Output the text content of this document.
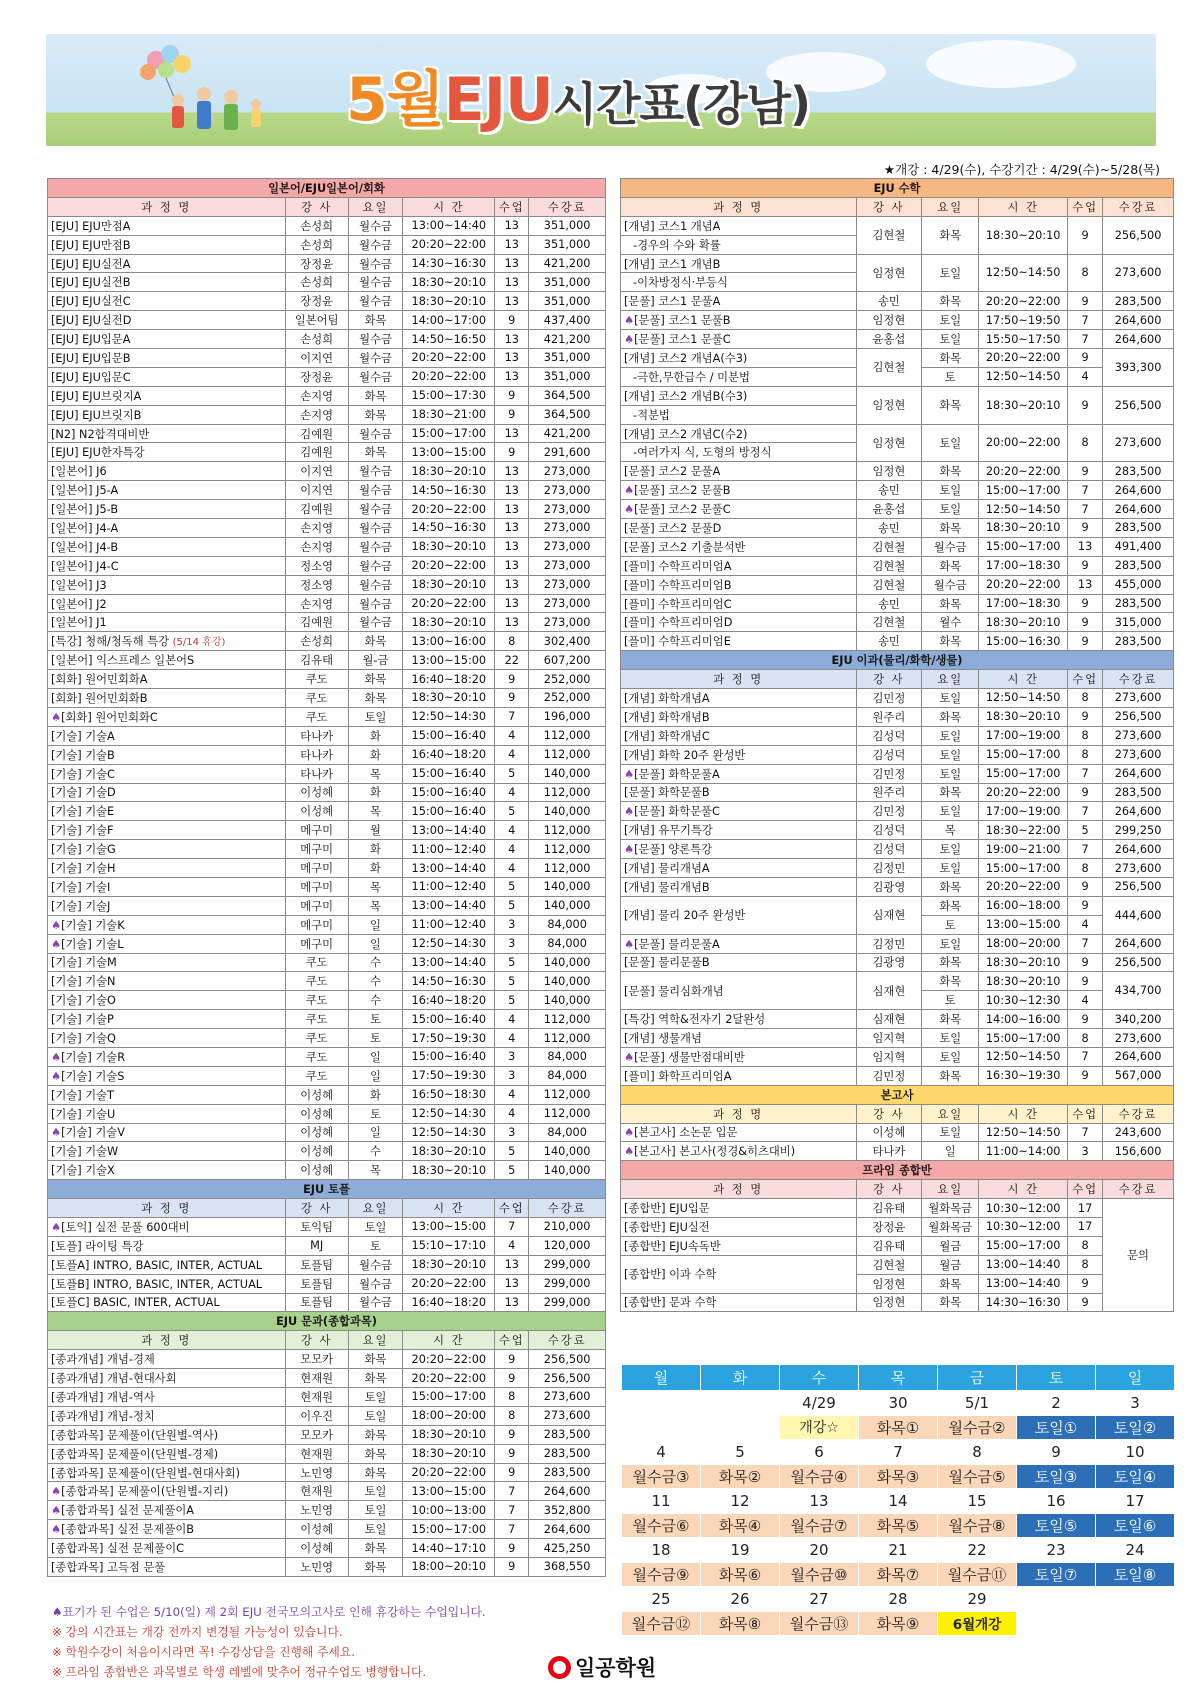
5월EJU시간표(강남)
★개강 : 4/29(수), 수강기간 : 4/29(수)~5/28(목)
일본어/EJU일본어/회화					
과 정 명	강 사	요일	시 간	수업	수강료
[EJU] EJU만점A	손성희	월수금	13:00~14:40	13	351,000
[EJU] EJU만점B	손성희	월수금	20:20~22:00	13	351,000
[EJU] EJU실전A	장정윤	월수금	14:30~16:30	13	421,200
[EJU] EJU실전B	손성희	월수금	18:30~20:10	13	351,000
[EJU] EJU실전C	장정윤	월수금	18:30~20:10	13	351,000
[EJU] EJU실전D	일본어팀	화목	14:00~17:00	9	437,400
[EJU] EJU입문A	손성희	월수금	14:50~16:50	13	421,200
[EJU] EJU입문B	이지연	월수금	20:20~22:00	13	351,000
[EJU] EJU입문C	장정윤	월수금	20:20~22:00	13	351,000
[EJU] EJU브릿지A	손지영	화목	15:00~17:30	9	364,500
[EJU] EJU브릿지B	손지영	화목	18:30~21:00	9	364,500
[N2] N2합격대비반	김예원	월수금	15:00~17:00	13	421,200
[EJU] EJU한자특강	김예원	화목	13:00~15:00	9	291,600
[일본어] J6	이지연	월수금	18:30~20:10	13	273,000
[일본어] J5-A	이지연	월수금	14:50~16:30	13	273,000
[일본어] J5-B	김예원	월수금	20:20~22:00	13	273,000
[일본어] J4-A	손지영	월수금	14:50~16:30	13	273,000
[일본어] J4-B	손지영	월수금	18:30~20:10	13	273,000
[일본어] J4-C	정소영	월수금	20:20~22:00	13	273,000
[일본어] J3	정소영	월수금	18:30~20:10	13	273,000
[일본어] J2	손지영	월수금	20:20~22:00	13	273,000
[일본어] J1	김예원	월수금	18:30~20:10	13	273,000
[특강] 청해/청독해 특강 (5/14 휴강)	손성희	화목	13:00~16:00	8	302,400
[일본어] 익스프레스 일본어S	김유태	월-금	13:00~15:00	22	607,200
[회화] 원어민회화A	쿠도	화목	16:40~18:20	9	252,000
[회화] 원어민회화B	쿠도	화목	18:30~20:10	9	252,000
♠[회화] 원어민회화C	쿠도	토일	12:50~14:30	7	196,000
[기술] 기술A	타나카	화	15:00~16:40	4	112,000
[기술] 기술B	타나카	화	16:40~18:20	4	112,000
[기술] 기술C	타나카	목	15:00~16:40	5	140,000
[기술] 기술D	이성혜	화	15:00~16:40	4	112,000
[기술] 기술E	이성혜	목	15:00~16:40	5	140,000
[기술] 기술F	메구미	월	13:00~14:40	4	112,000
[기술] 기술G	메구미	화	11:00~12:40	4	112,000
[기술] 기술H	메구미	화	13:00~14:40	4	112,000
[기술] 기술I	메구미	목	11:00~12:40	5	140,000
[기술] 기술J	메구미	목	13:00~14:40	5	140,000
♠[기술] 기술K	메구미	일	11:00~12:40	3	84,000
♠[기술] 기술L	메구미	일	12:50~14:30	3	84,000
[기술] 기술M	쿠도	수	13:00~14:40	5	140,000
[기술] 기술N	쿠도	수	14:50~16:30	5	140,000
[기술] 기술O	쿠도	수	16:40~18:20	5	140,000
[기술] 기술P	쿠도	토	15:00~16:40	4	112,000
[기술] 기술Q	쿠도	토	17:50~19:30	4	112,000
♠[기술] 기술R	쿠도	일	15:00~16:40	3	84,000
♠[기술] 기술S	쿠도	일	17:50~19:30	3	84,000
[기술] 기술T	이성혜	화	16:50~18:30	4	112,000
[기술] 기술U	이성혜	토	12:50~14:30	4	112,000
♠[기술] 기술V	이성혜	일	12:50~14:30	3	84,000
[기술] 기술W	이성혜	수	18:30~20:10	5	140,000
[기술] 기술X	이성혜	목	18:30~20:10	5	140,000
EJU 토플					
과 정 명	강 사	요일	시 간	수업	수강료
♠[토익] 실전 문풀 600대비	토익팀	토일	13:00~15:00	7	210,000
[토플] 라이팅 특강	MJ	토	15:10~17:10	4	120,000
[토플A] INTRO, BASIC, INTER, ACTUAL	토플팀	월수금	18:30~20:10	13	299,000
[토플B] INTRO, BASIC, INTER, ACTUAL	토플팀	월수금	20:20~22:00	13	299,000
[토플C] BASIC, INTER, ACTUAL	토플팀	월수금	16:40~18:20	13	299,000
EJU 문과(종합과목)					
과 정 명	강 사	요일	시 간	수업	수강료
[종과개념] 개념-경제	모모카	화목	20:20~22:00	9	256,500
[종과개념] 개념-현대사회	현재원	화목	20:20~22:00	9	256,500
[종과개념] 개념-역사	현재원	토일	15:00~17:00	8	273,600
[종과개념] 개념-정치	이우진	토일	18:00~20:00	8	273,600
[종합과목] 문제풀이(단원별-역사)	모모카	화목	18:30~20:10	9	283,500
[종합과목] 문제풀이(단원별-경제)	현재원	화목	18:30~20:10	9	283,500
[종합과목] 문제풀이(단원별-현대사회)	노민영	화목	20:20~22:00	9	283,500
♠[종합과목] 문제풀이(단원별-지리)	현재원	토일	13:00~15:00	7	264,600
♠[종합과목] 실전 문제풀이A	노민영	토일	10:00~13:00	7	352,800
♠[종합과목] 실전 문제풀이B	이성혜	토일	15:00~17:00	7	264,600
[종합과목] 실전 문제풀이C	이성혜	화목	14:40~17:10	9	425,250
[종합과목] 고득점 문풀	노민영	화목	18:00~20:10	9	368,550
EJU 수학					
과 정 명	강 사	요일	시 간	수업	수강료
[개념] 코스1 개념A	김현철	화목	18:30~20:10	9	256,500
-경우의 수와 확률					
[개념] 코스1 개념B	임정현	토일	12:50~14:50	8	273,600
-이차방정식·부등식					
[문풀] 코스1 문풀A	송민	화목	20:20~22:00	9	283,500
♠[문풀] 코스1 문풀B	임정현	토일	17:50~19:50	7	264,600
♠[문풀] 코스1 문풀C	윤홍섭	토일	15:50~17:50	7	264,600
[개념] 코스2 개념A(수3)	김현철	화목	20:20~22:00	9	393,300
-극한,무한급수 / 미분법		토	12:50~14:50	4	
[개념] 코스2 개념B(수3)	임정현	화목	18:30~20:10	9	256,500
-적분법					
[개념] 코스2 개념C(수2)	임정현	토일	20:00~22:00	8	273,600
-여러가지 식, 도형의 방정식					
[문풀] 코스2 문풀A	임정현	화목	20:20~22:00	9	283,500
♠[문풀] 코스2 문풀B	송민	토일	15:00~17:00	7	264,600
♠[문풀] 코스2 문풀C	윤홍섭	토일	12:50~14:50	7	264,600
[문풀] 코스2 문풀D	송민	화목	18:30~20:10	9	283,500
[문풀] 코스2 기출분석반	김현철	월수금	15:00~17:00	13	491,400
[플미] 수학프리미엄A	김현철	화목	17:00~18:30	9	283,500
[플미] 수학프리미엄B	김현철	월수금	20:20~22:00	13	455,000
[플미] 수학프리미엄C	송민	화목	17:00~18:30	9	283,500
[플미] 수학프리미엄D	김현철	월수	18:30~20:10	9	315,000
[플미] 수학프리미엄E	송민	화목	15:00~16:30	9	283,500
EJU 이과(물리/화학/생물)					
과 정 명	강 사	요일	시 간	수업	수강료
[개념] 화학개념A	김민정	토일	12:50~14:50	8	273,600
[개념] 화학개념B	원주리	화목	18:30~20:10	9	256,500
[개념] 화학개념C	김성덕	토일	17:00~19:00	8	273,600
[개념] 화학 20주 완성반	김성덕	토일	15:00~17:00	8	273,600
♠[문풀] 화학문풀A	김민정	토일	15:00~17:00	7	264,600
[문풀] 화학문풀B	원주리	화목	20:20~22:00	9	283,500
♠[문풀] 화학문풀C	김민정	토일	17:00~19:00	7	264,600
[개념] 유무기특강	김성덕	목	18:30~22:00	5	299,250
♠[문풀] 양론특강	김성덕	토일	19:00~21:00	7	264,600
[개념] 물리개념A	김정민	토일	15:00~17:00	8	273,600
[개념] 물리개념B	김광영	화목	20:20~22:00	9	256,500
[개념] 물리 20주 완성반	심재현	화목	16:00~18:00	9	444,600
		토	13:00~15:00	4	
♠[문풀] 물리문풀A	김정민	토일	18:00~20:00	7	264,600
[문풀] 물리문풀B	김광영	화목	18:30~20:10	9	256,500
[문풀] 물리심화개념	심재현	화목	18:30~20:10	9	434,700
		토	10:30~12:30	4	
[특강] 역학&전자기 2달완성	심재현	화목	14:00~16:00	9	340,200
[개념] 생물개념	임지혁	토일	15:00~17:00	8	273,600
♠[문풀] 생물만점대비반	임지혁	토일	12:50~14:50	7	264,600
[플미] 화학프리미엄A	김민정	화목	16:30~19:30	9	567,000
본고사					
과 정 명	강 사	요일	시 간	수업	수강료
♠[본고사] 소논문 입문	이성혜	토일	12:50~14:50	7	243,600
♠[본고사] 본고사(정경&히츠대비)	타나카	일	11:00~14:00	3	156,600
프라임 종합반					
과 정 명	강 사	요일	시 간	수업	수강료
[종합반] EJU입문	김유태	월화목금	10:30~12:00	17	문의
[종합반] EJU실전	장정윤	월화목금	10:30~12:00	17	
[종합반] EJU속독반	김유태	월금	15:00~17:00	8	
[종합반] 이과 수학	김현철	월금	13:00~14:40	8	
	임정현	화목	13:00~14:40	9	
[종합반] 문과 수학	임정현	화목	14:30~16:30	9	
월	화	수	목	금	토	일
		4/29	30	5/1	2	3
		개강☆	화목①	월수금②	토일①	토일②
4	5	6	7	8	9	10
월수금③	화목②	월수금④	화목③	월수금⑤	토일③	토일④
11	12	13	14	15	16	17
월수금⑥	화목④	월수금⑦	화목⑤	월수금⑧	토일⑤	토일⑥
18	19	20	21	22	23	24
월수금⑨	화목⑥	월수금⑩	화목⑦	월수금⑪	토일⑦	토일⑧
25	26	27	28	29		
월수금⑫	화목⑧	월수금⑬	화목⑨	6월개강		
♠표기가 된 수업은 5/10(일) 제 2회 EJU 전국모의고사로 인해 휴강하는 수업입니다.
※ 강의 시간표는 개강 전까지 변경될 가능성이 있습니다.
※ 학원수강이 처음이시라면 꼭! 수강상담을 진행해 주세요.
※ 프라임 종합반은 과목별로 학생 레벨에 맞추어 정규수업도 병행합니다.	일공학원
